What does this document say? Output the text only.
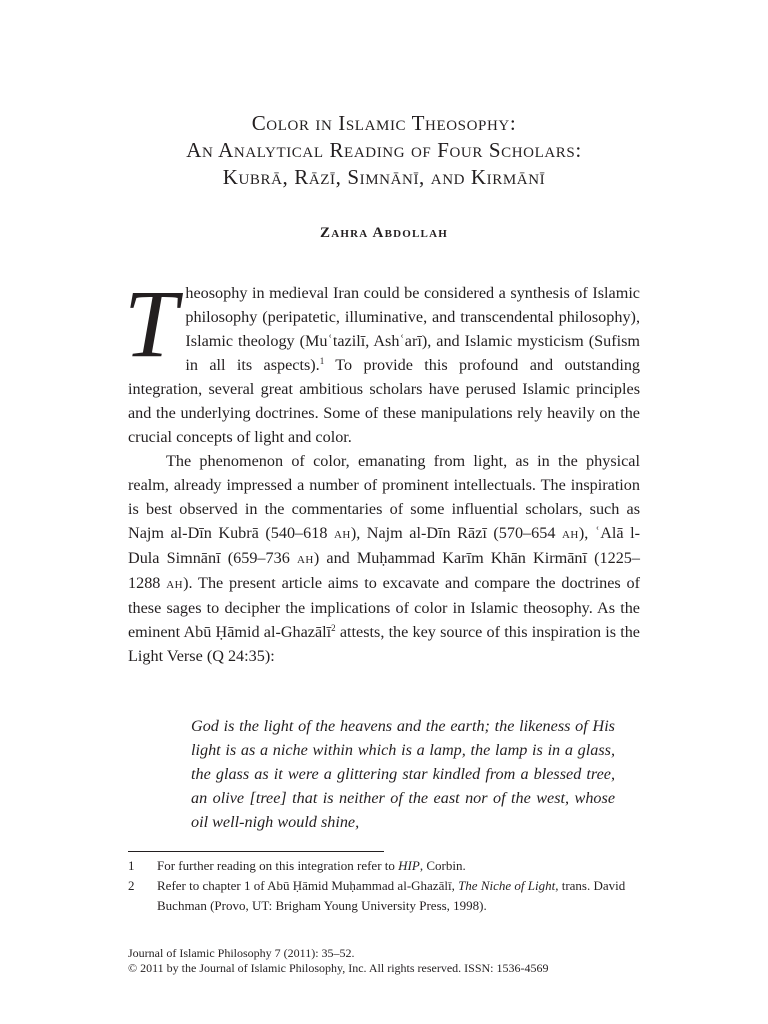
Color in Islamic Theosophy:
An Analytical Reading of Four Scholars:
Kubrā, Rāzī, Simnānī, and Kirmānī
Zahra Abdollah

Theosophy in medieval Iran could be considered a synthesis of Islamic philosophy (peripatetic, illuminative, and transcendental philosophy), Islamic theology (Muʿtazilī, Ashʿarī), and Islamic mysticism (Sufism in all its aspects).$^1$ To provide this profound and outstanding integration, several great ambitious scholars have perused Islamic principles and the underlying doctrines. Some of these manipulations rely heavily on the crucial concepts of light and color.

The phenomenon of color, emanating from light, as in the physical realm, already impressed a number of prominent intellectuals. The inspiration is best observed in the commentaries of some influential scholars, such as Najm al-Dīn Kubrā (540–618 ah), Najm al-Dīn Rāzī (570–654 ah), ʿAlā l-Dula Simnānī (659–736 ah) and Muḥammad Karīm Khān Kirmānī (1225–1288 ah). The present article aims to excavate and compare the doctrines of these sages to decipher the implications of color in Islamic theosophy. As the eminent Abū Ḥāmid al-Ghazālī$^2$ attests, the key source of this inspiration is the Light Verse (Q 24:35):

God is the light of the heavens and the earth; the likeness of His light is as a niche within which is a lamp, the lamp is in a glass, the glass as it were a glittering star kindled from a blessed tree, an olive [tree] that is neither of the east nor of the west, whose oil well-nigh would shine,
1 For further reading on this integration refer to HIP, Corbin.
2 Refer to chapter 1 of Abū Ḥāmid Muḥammad al-Ghazālī, The Niche of Light, trans. David Buchman (Provo, UT: Brigham Young University Press, 1998).
Journal of Islamic Philosophy 7 (2011): 35–52.
© 2011 by the Journal of Islamic Philosophy, Inc. All rights reserved. ISSN: 1536-4569
